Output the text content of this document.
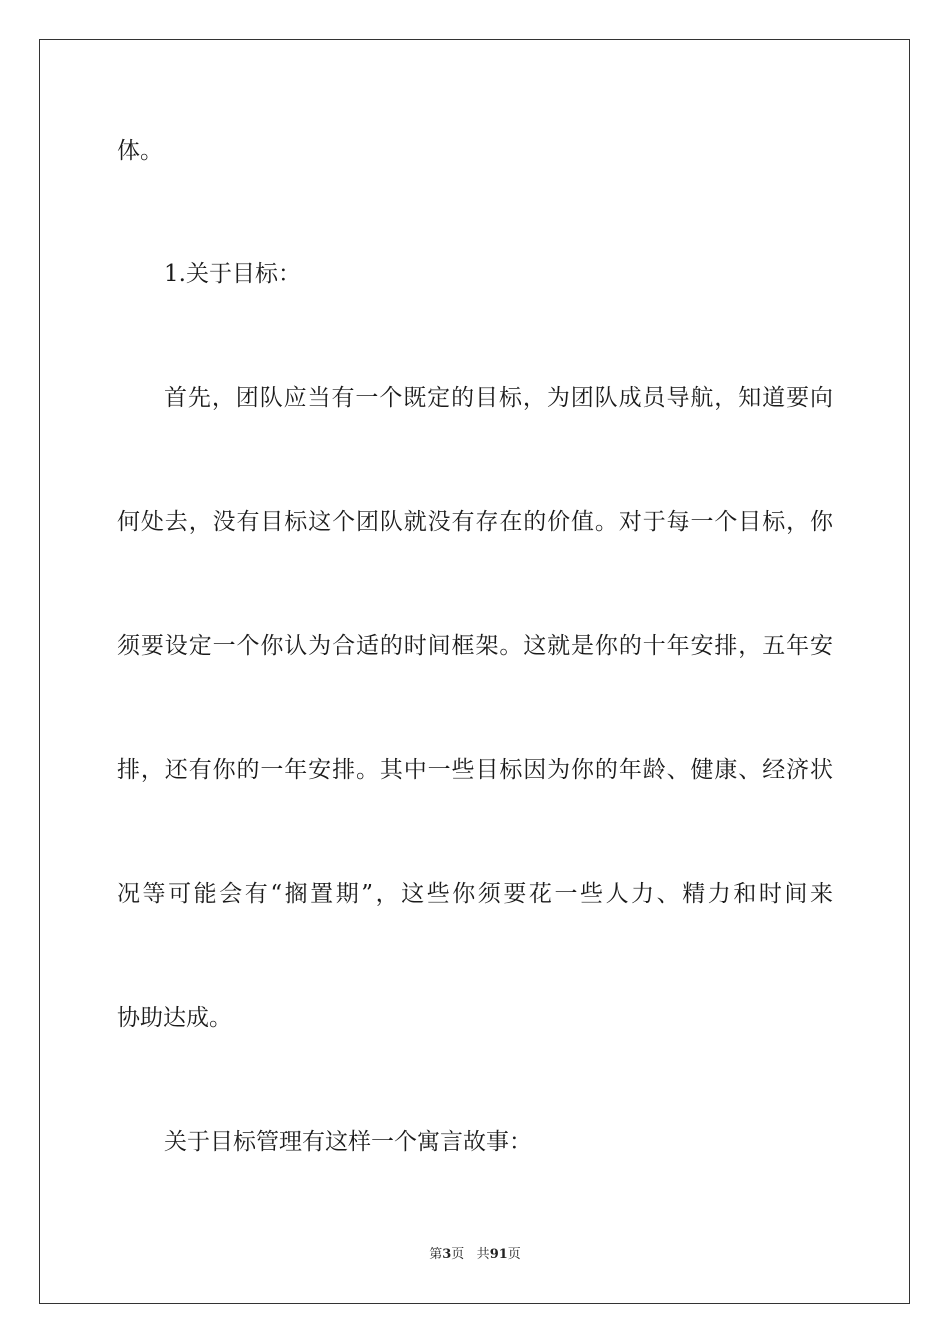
体。
1.关于目标：
首先，团队应当有一个既定的目标，为团队成员导航，知道要向
何处去，没有目标这个团队就没有存在的价值。对于每一个目标，你
须要设定一个你认为合适的时间框架。这就是你的十年安排，五年安
排，还有你的一年安排。其中一些目标因为你的年龄、健康、经济状
况等可能会有“搁置期”，这些你须要花一些人力、精力和时间来
协助达成。
关于目标管理有这样一个寓言故事：
第3页 共91页
